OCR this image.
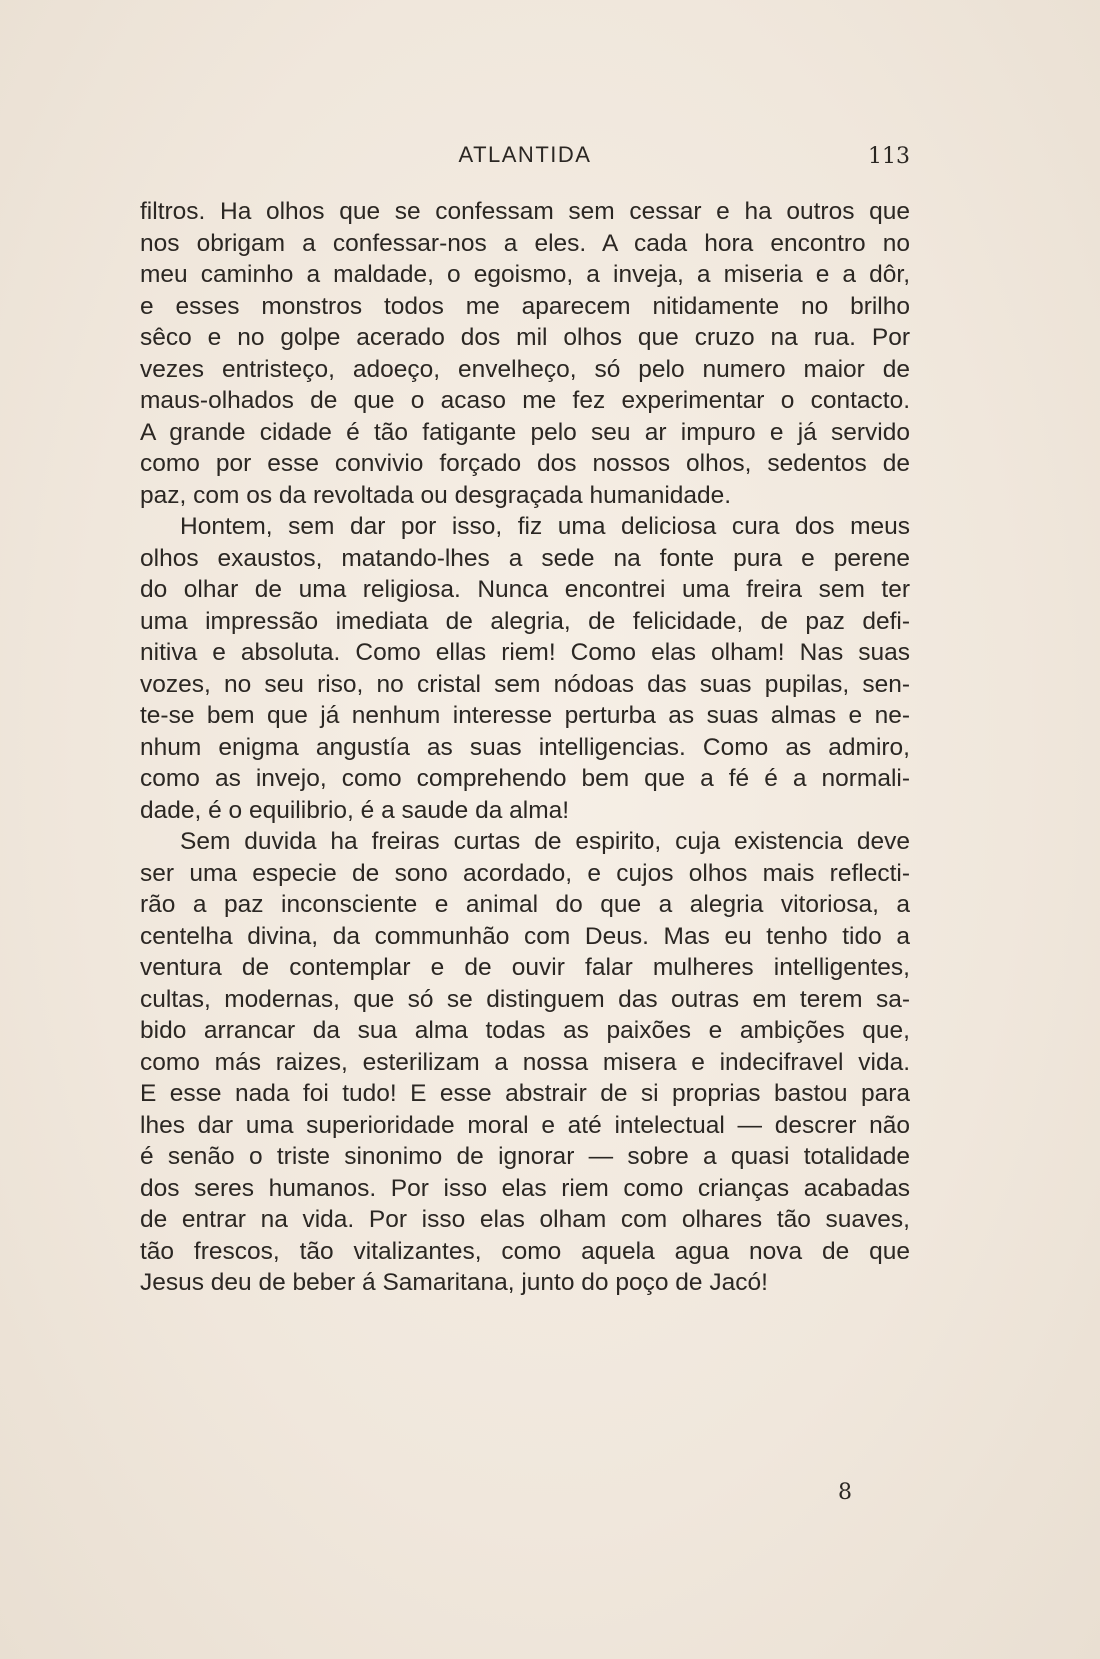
ATLANTIDA	113
filtros. Ha olhos que se confessam sem cessar e ha outros que
nos obrigam a confessar-nos a eles. A cada hora encontro no
meu caminho a maldade, o egoismo, a inveja, a miseria e a dôr,
e esses monstros todos me aparecem nitidamente no brilho
sêco e no golpe acerado dos mil olhos que cruzo na rua. Por
vezes entristeço, adoeço, envelheço, só pelo numero maior de
maus-olhados de que o acaso me fez experimentar o contacto.
A grande cidade é tão fatigante pelo seu ar impuro e já servido
como por esse convivio forçado dos nossos olhos, sedentos de
paz, com os da revoltada ou desgraçada humanidade.
Hontem, sem dar por isso, fiz uma deliciosa cura dos meus
olhos exaustos, matando-lhes a sede na fonte pura e perene
do olhar de uma religiosa. Nunca encontrei uma freira sem ter
uma impressão imediata de alegria, de felicidade, de paz defi-
nitiva e absoluta. Como ellas riem! Como elas olham! Nas suas
vozes, no seu riso, no cristal sem nódoas das suas pupilas, sen-
te-se bem que já nenhum interesse perturba as suas almas e ne-
nhum enigma angustía as suas intelligencias. Como as admiro,
como as invejo, como comprehendo bem que a fé é a normali-
dade, é o equilibrio, é a saude da alma!
Sem duvida ha freiras curtas de espirito, cuja existencia deve
ser uma especie de sono acordado, e cujos olhos mais reflecti-
rão a paz inconsciente e animal do que a alegria vitoriosa, a
centelha divina, da communhão com Deus. Mas eu tenho tido a
ventura de contemplar e de ouvir falar mulheres intelligentes,
cultas, modernas, que só se distinguem das outras em terem sa-
bido arrancar da sua alma todas as paixões e ambições que,
como más raizes, esterilizam a nossa misera e indecifravel vida.
E esse nada foi tudo! E esse abstrair de si proprias bastou para
lhes dar uma superioridade moral e até intelectual — descrer não
é senão o triste sinonimo de ignorar — sobre a quasi totalidade
dos seres humanos. Por isso elas riem como crianças acabadas
de entrar na vida. Por isso elas olham com olhares tão suaves,
tão frescos, tão vitalizantes, como aquela agua nova de que
Jesus deu de beber á Samaritana, junto do poço de Jacó!
8
